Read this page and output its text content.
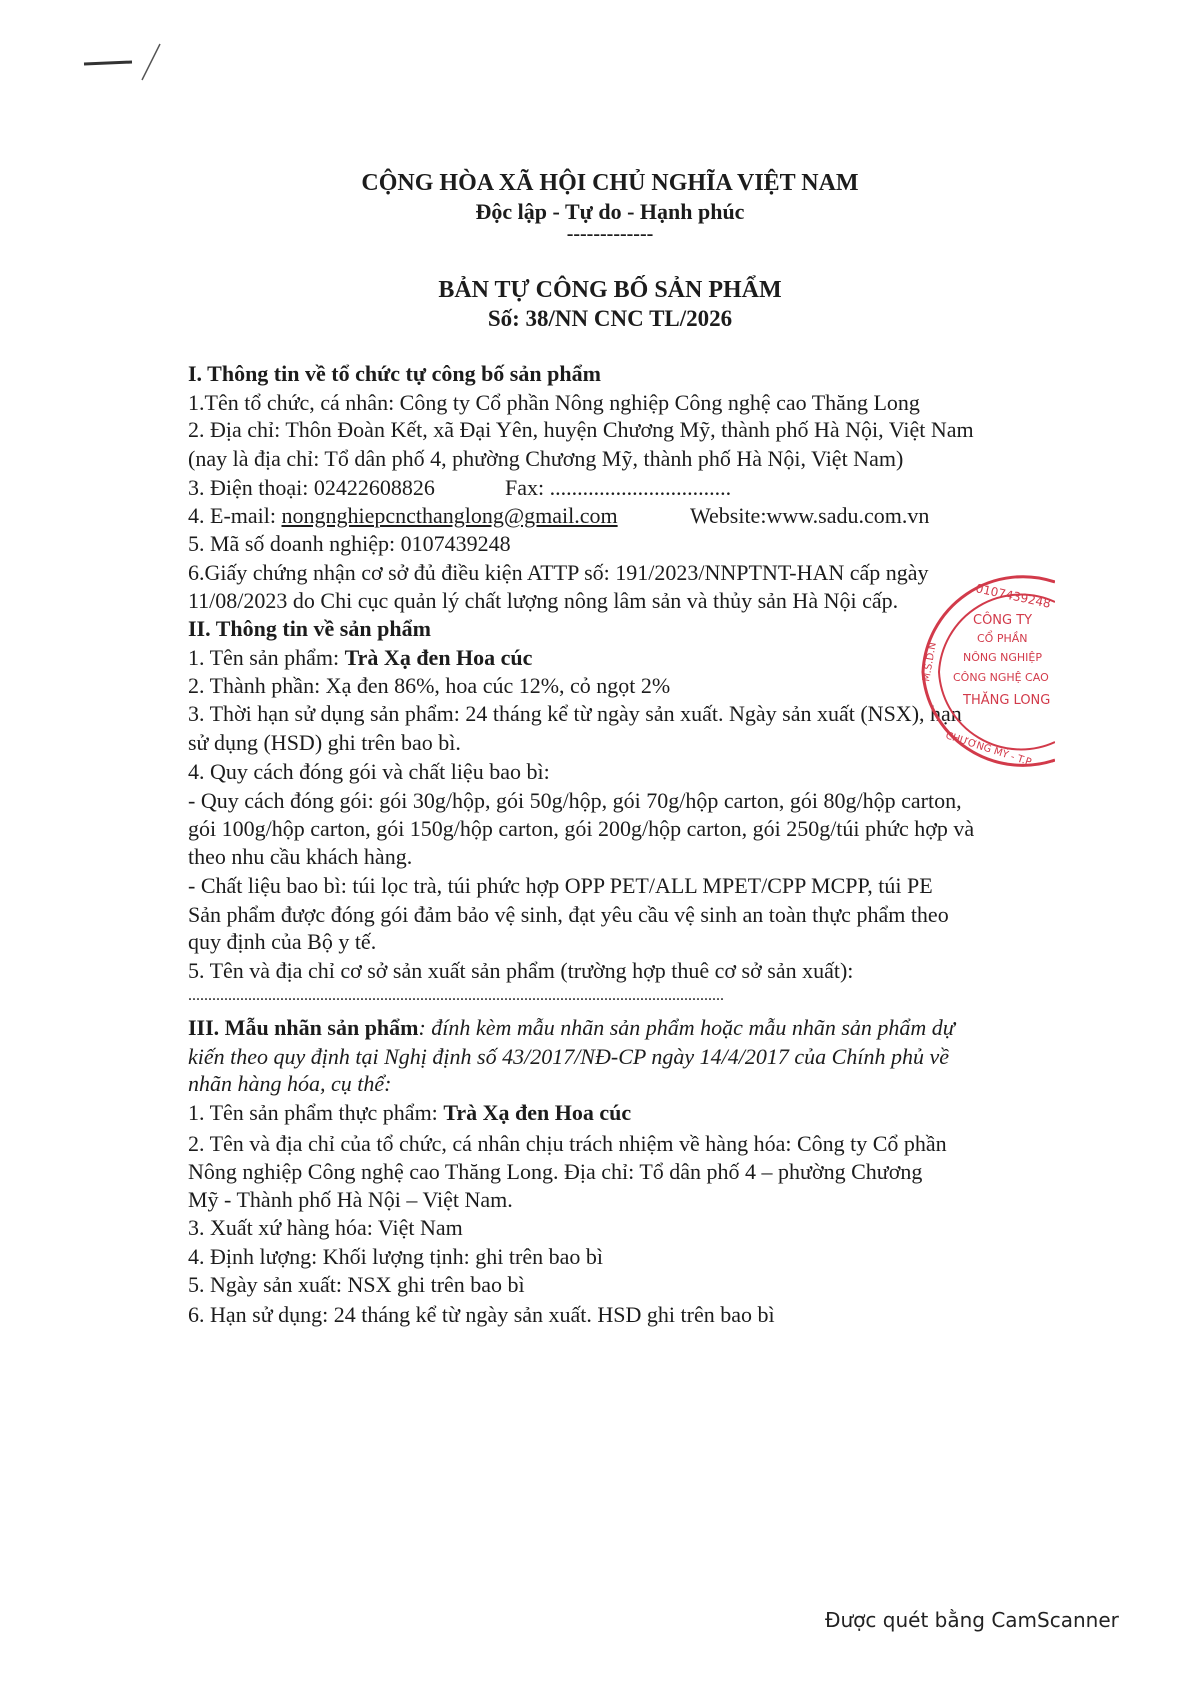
CỘNG HÒA XÃ HỘI CHỦ NGHĨA VIỆT NAM
Độc lập - Tự do - Hạnh phúc
-------------
BẢN TỰ CÔNG BỐ SẢN PHẨM
Số: 38/NN CNC TL/2026
I. Thông tin về tổ chức tự công bố sản phẩm
1.Tên tổ chức, cá nhân: Công ty Cổ phần Nông nghiệp Công nghệ cao Thăng Long
2. Địa chỉ: Thôn Đoàn Kết, xã Đại Yên, huyện Chương Mỹ, thành phố Hà Nội, Việt Nam
(nay là địa chỉ: Tổ dân phố 4, phường Chương Mỹ, thành phố Hà Nội, Việt Nam)
3. Điện thoại: 02422608826	Fax: .................................
4. E-mail: nongnghiepcncthanglong@gmail.com	Website:www.sadu.com.vn
5. Mã số doanh nghiệp: 0107439248
6.Giấy chứng nhận cơ sở đủ điều kiện ATTP số: 191/2023/NNPTNT-HAN cấp ngày
11/08/2023 do Chi cục quản lý chất lượng nông lâm sản và thủy sản Hà Nội cấp.
II. Thông tin về sản phẩm
1. Tên sản phẩm: Trà Xạ đen Hoa cúc
2. Thành phần: Xạ đen 86%, hoa cúc 12%, cỏ ngọt 2%
3. Thời hạn sử dụng sản phẩm: 24 tháng kể từ ngày sản xuất. Ngày sản xuất (NSX), hạn
sử dụng (HSD) ghi trên bao bì.
4. Quy cách đóng gói và chất liệu bao bì:
- Quy cách đóng gói: gói 30g/hộp, gói 50g/hộp, gói 70g/hộp carton, gói 80g/hộp carton,
gói 100g/hộp carton, gói 150g/hộp carton, gói 200g/hộp carton, gói 250g/túi phức hợp và
theo nhu cầu khách hàng.
- Chất liệu bao bì: túi lọc trà, túi phức hợp OPP PET/ALL MPET/CPP MCPP, túi PE
Sản phẩm được đóng gói đảm bảo vệ sinh, đạt yêu cầu vệ sinh an toàn thực phẩm theo
quy định của Bộ y tế.
5. Tên và địa chỉ cơ sở sản xuất sản phẩm (trường hợp thuê cơ sở sản xuất):
......................................................................................................................................
III. Mẫu nhãn sản phẩm: đính kèm mẫu nhãn sản phẩm hoặc mẫu nhãn sản phẩm dự
kiến theo quy định tại Nghị định số 43/2017/NĐ-CP ngày 14/4/2017 của Chính phủ về
nhãn hàng hóa, cụ thể:
1. Tên sản phẩm thực phẩm: Trà Xạ đen Hoa cúc
2. Tên và địa chỉ của tổ chức, cá nhân chịu trách nhiệm về hàng hóa: Công ty Cổ phần
Nông nghiệp Công nghệ cao Thăng Long. Địa chỉ: Tổ dân phố 4 – phường Chương
Mỹ - Thành phố Hà Nội – Việt Nam.
3. Xuất xứ hàng hóa: Việt Nam
4. Định lượng: Khối lượng tịnh: ghi trên bao bì
5. Ngày sản xuất: NSX ghi trên bao bì
6. Hạn sử dụng: 24 tháng kể từ ngày sản xuất. HSD ghi trên bao bì
0107439248
M.S.D.N
CÔNG TY
CỔ PHẦN
NÔNG NGHIỆP
CÔNG NGHỆ CAO
THĂNG LONG
CHƯƠNG MỸ - T.P
Được quét bằng CamScanner
